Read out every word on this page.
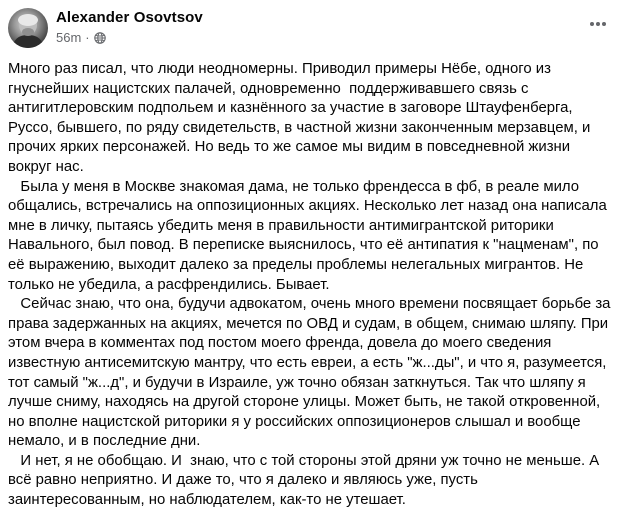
Alexander Osovtsov
56m ·
Много раз писал, что люди неодномерны. Приводил примеры Нёбе, одного из гнуснейших нацистских палачей, одновременно  поддерживавшего связь с антигитлеровским подпольем и казнённого за участие в заговоре Штауфенберга, Руссо, бывшего, по ряду свидетельств, в частной жизни законченным мерзавцем, и прочих ярких персонажей. Но ведь то же самое мы видим в повседневной жизни вокруг нас.
Была у меня в Москве знакомая дама, не только френдесса в фб, в реале мило общались, встречались на оппозиционных акциях. Несколько лет назад она написала мне в личку, пытаясь убедить меня в правильности антимигрантской риторики Навального, был повод. В переписке выяснилось, что её антипатия к "нацменам", по её выражению, выходит далеко за пределы проблемы нелегальных мигрантов. Не только не убедила, а расфрендились. Бывает.
Сейчас знаю, что она, будучи адвокатом, очень много времени посвящает борьбе за права задержанных на акциях, мечется по ОВД и судам, в общем, снимаю шляпу. При этом вчера в комментах под постом моего френда, довела до моего сведения известную антисемитскую мантру, что есть евреи, а есть "ж...ды", и что я, разумеется, тот самый "ж...д", и будучи в Израиле, уж точно обязан заткнуться. Так что шляпу я лучше сниму, находясь на другой стороне улицы. Может быть, не такой откровенной, но вполне нацистской риторики я у российских оппозиционеров слышал и вообще немало, и в последние дни.
И нет, я не обобщаю. И  знаю, что с той стороны этой дряни уж точно не меньше. А всё равно неприятно. И даже то, что я далеко и являюсь уже, пусть заинтересованным, но наблюдателем, как-то не утешает.
